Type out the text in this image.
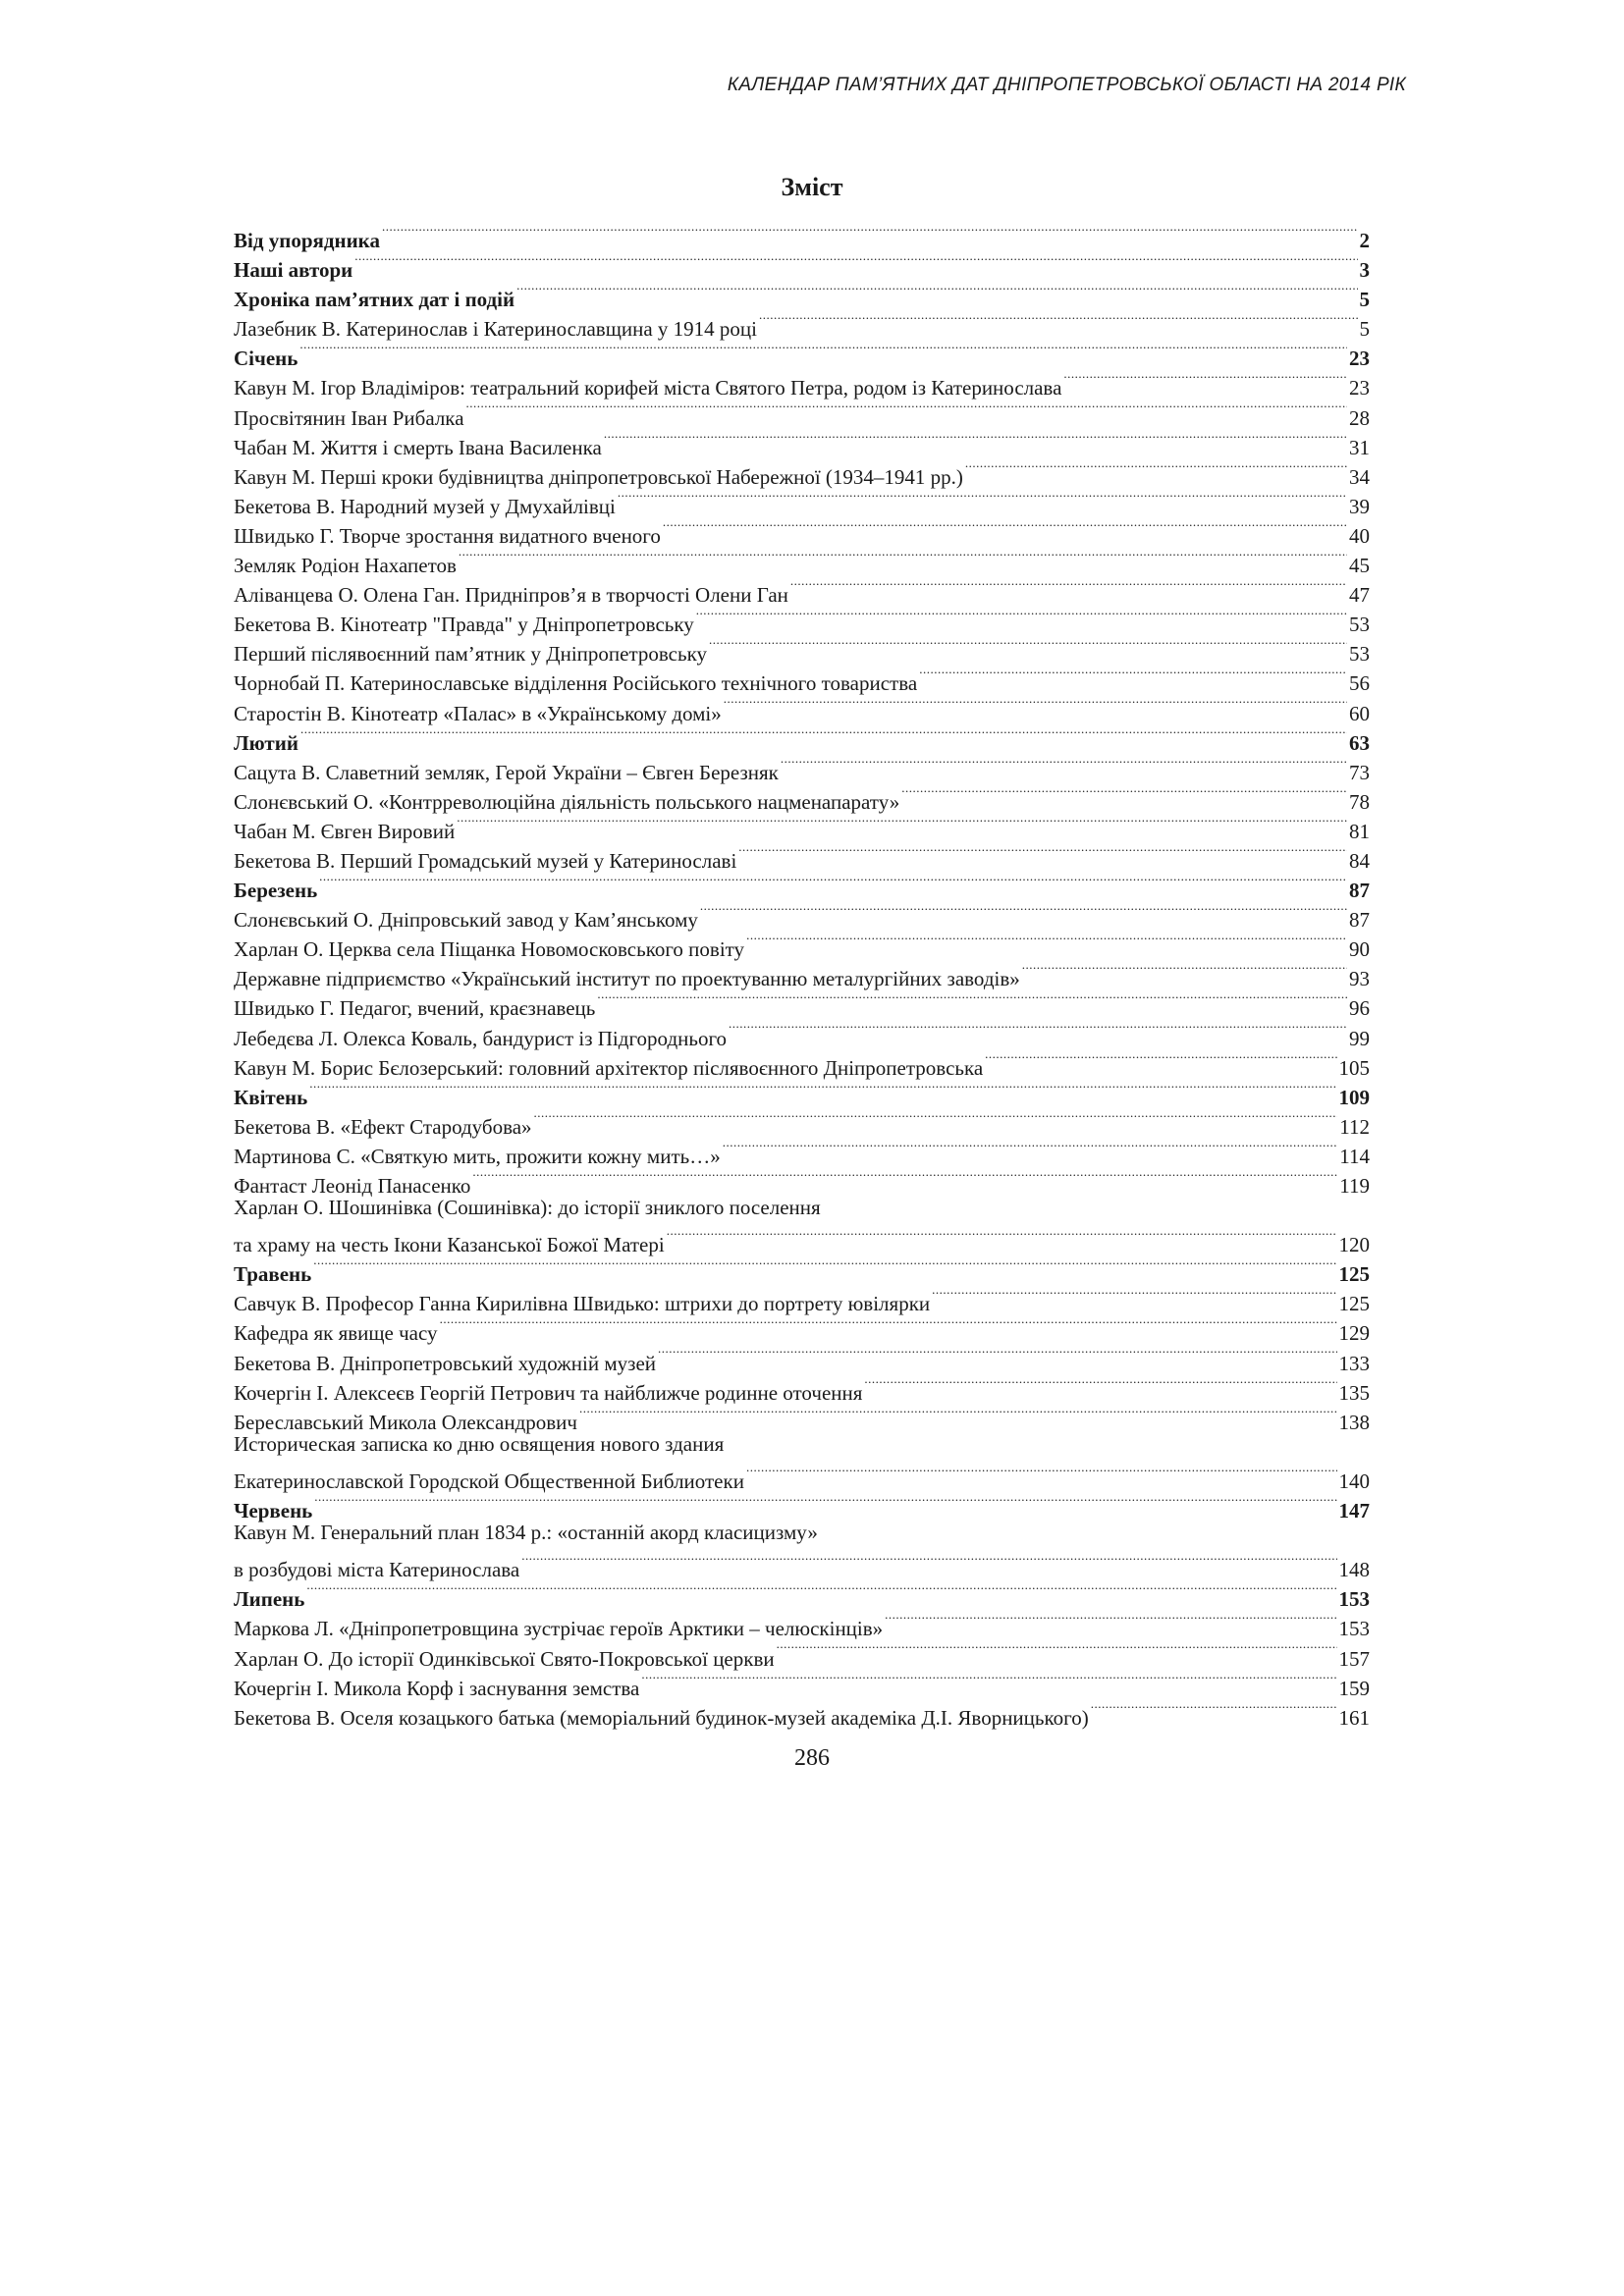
КАЛЕНДАР ПАМ’ЯТНИХ ДАТ ДНІПРОПЕТРОВСЬКОЇ ОБЛАСТІ НА 2014 РІК
Зміст
Від упорядника .....	2
Наші автори .....	3
Хроніка пам’ятних дат і подій .....	5
Лазебник В. Катеринослав і Катеринославщина у 1914 році .....	5
Січень .....	23
Кавун М. Ігор Владіміров: театральний корифей міста Святого Петра, родом із Катеринослава .....	23
Просвітянин Іван Рибалка .....	28
Чабан М. Життя і смерть Івана Василенка .....	31
Кавун М. Перші кроки будівництва дніпропетровської Набережної (1934–1941 рр.) .....	34
Бекетова В. Народний музей у Дмухайлівці .....	39
Швидько Г. Творче зростання видатного вченого .....	40
Земляк Родіон Нахапетов .....	45
Аліванцева О. Олена Ган. Придніпров’я в творчості Олени Ган .....	47
Бекетова В. Кінотеатр "Правда" у Дніпропетровську .....	53
Перший післявоєнний пам’ятник у Дніпропетровську .....	53
Чорнобай П. Катеринославське відділення Російського технічного товариства .....	56
Старостін В. Кінотеатр «Палас» в «Українському домі» .....	60
Лютий .....	63
Сацута В. Славетний земляк, Герой України – Євген Березняк .....	73
Слонєвський О. «Контрреволюційна діяльність польського нацменапарату» .....	78
Чабан М. Євген Вировий .....	81
Бекетова В. Перший Громадський музей у Катеринославі .....	84
Березень .....	87
Слонєвський О. Дніпровський завод у Кам’янському .....	87
Харлан О. Церква села Піщанка Новомосковського повіту .....	90
Державне підприємство «Український інститут по проектуванню металургійних заводів» .....	93
Швидько Г. Педагог, вчений, краєзнавець .....	96
Лебедєва Л. Олекса Коваль, бандурист із Підгороднього .....	99
Кавун М. Борис Бєлозерський: головний архітектор післявоєнного Дніпропетровська .....	105
Квітень .....	109
Бекетова В. «Ефект Стародубова» .....	112
Мартинова С. «Святкую мить, прожити кожну мить…» .....	114
Фантаст Леонід Панасенко .....	119
Харлан О. Шошинівка (Сошинівка): до історії зниклого поселення
та храму на честь Ікони Казанської Божої Матері .....	120
Травень .....	125
Савчук В. Професор Ганна Кирилівна Швидько: штрихи до портрету ювілярки .....	125
Кафедра як явище часу .....	129
Бекетова В. Дніпропетровський художній музей .....	133
Кочергін І. Алексеєв Георгій Петрович та найближче родинне оточення .....	135
Береславський Микола Олександрович .....	138
Историческая записка ко дню освящения нового здания
Екатеринославской Городской Общественной Библиотеки .....	140
Червень .....	147
Кавун М. Генеральний план 1834 р.: «останній акорд класицизму»
в розбудові міста Катеринослава .....	148
Липень .....	153
Маркова Л. «Дніпропетровщина зустрічає героїв Арктики – челюскінців» .....	153
Харлан О. До історії Одинківської Свято-Покровської церкви .....	157
Кочергін І. Микола Корф і заснування земства .....	159
Бекетова В. Оселя козацького батька (меморіальний будинок-музей академіка Д.І. Яворницького) .....	161
286
